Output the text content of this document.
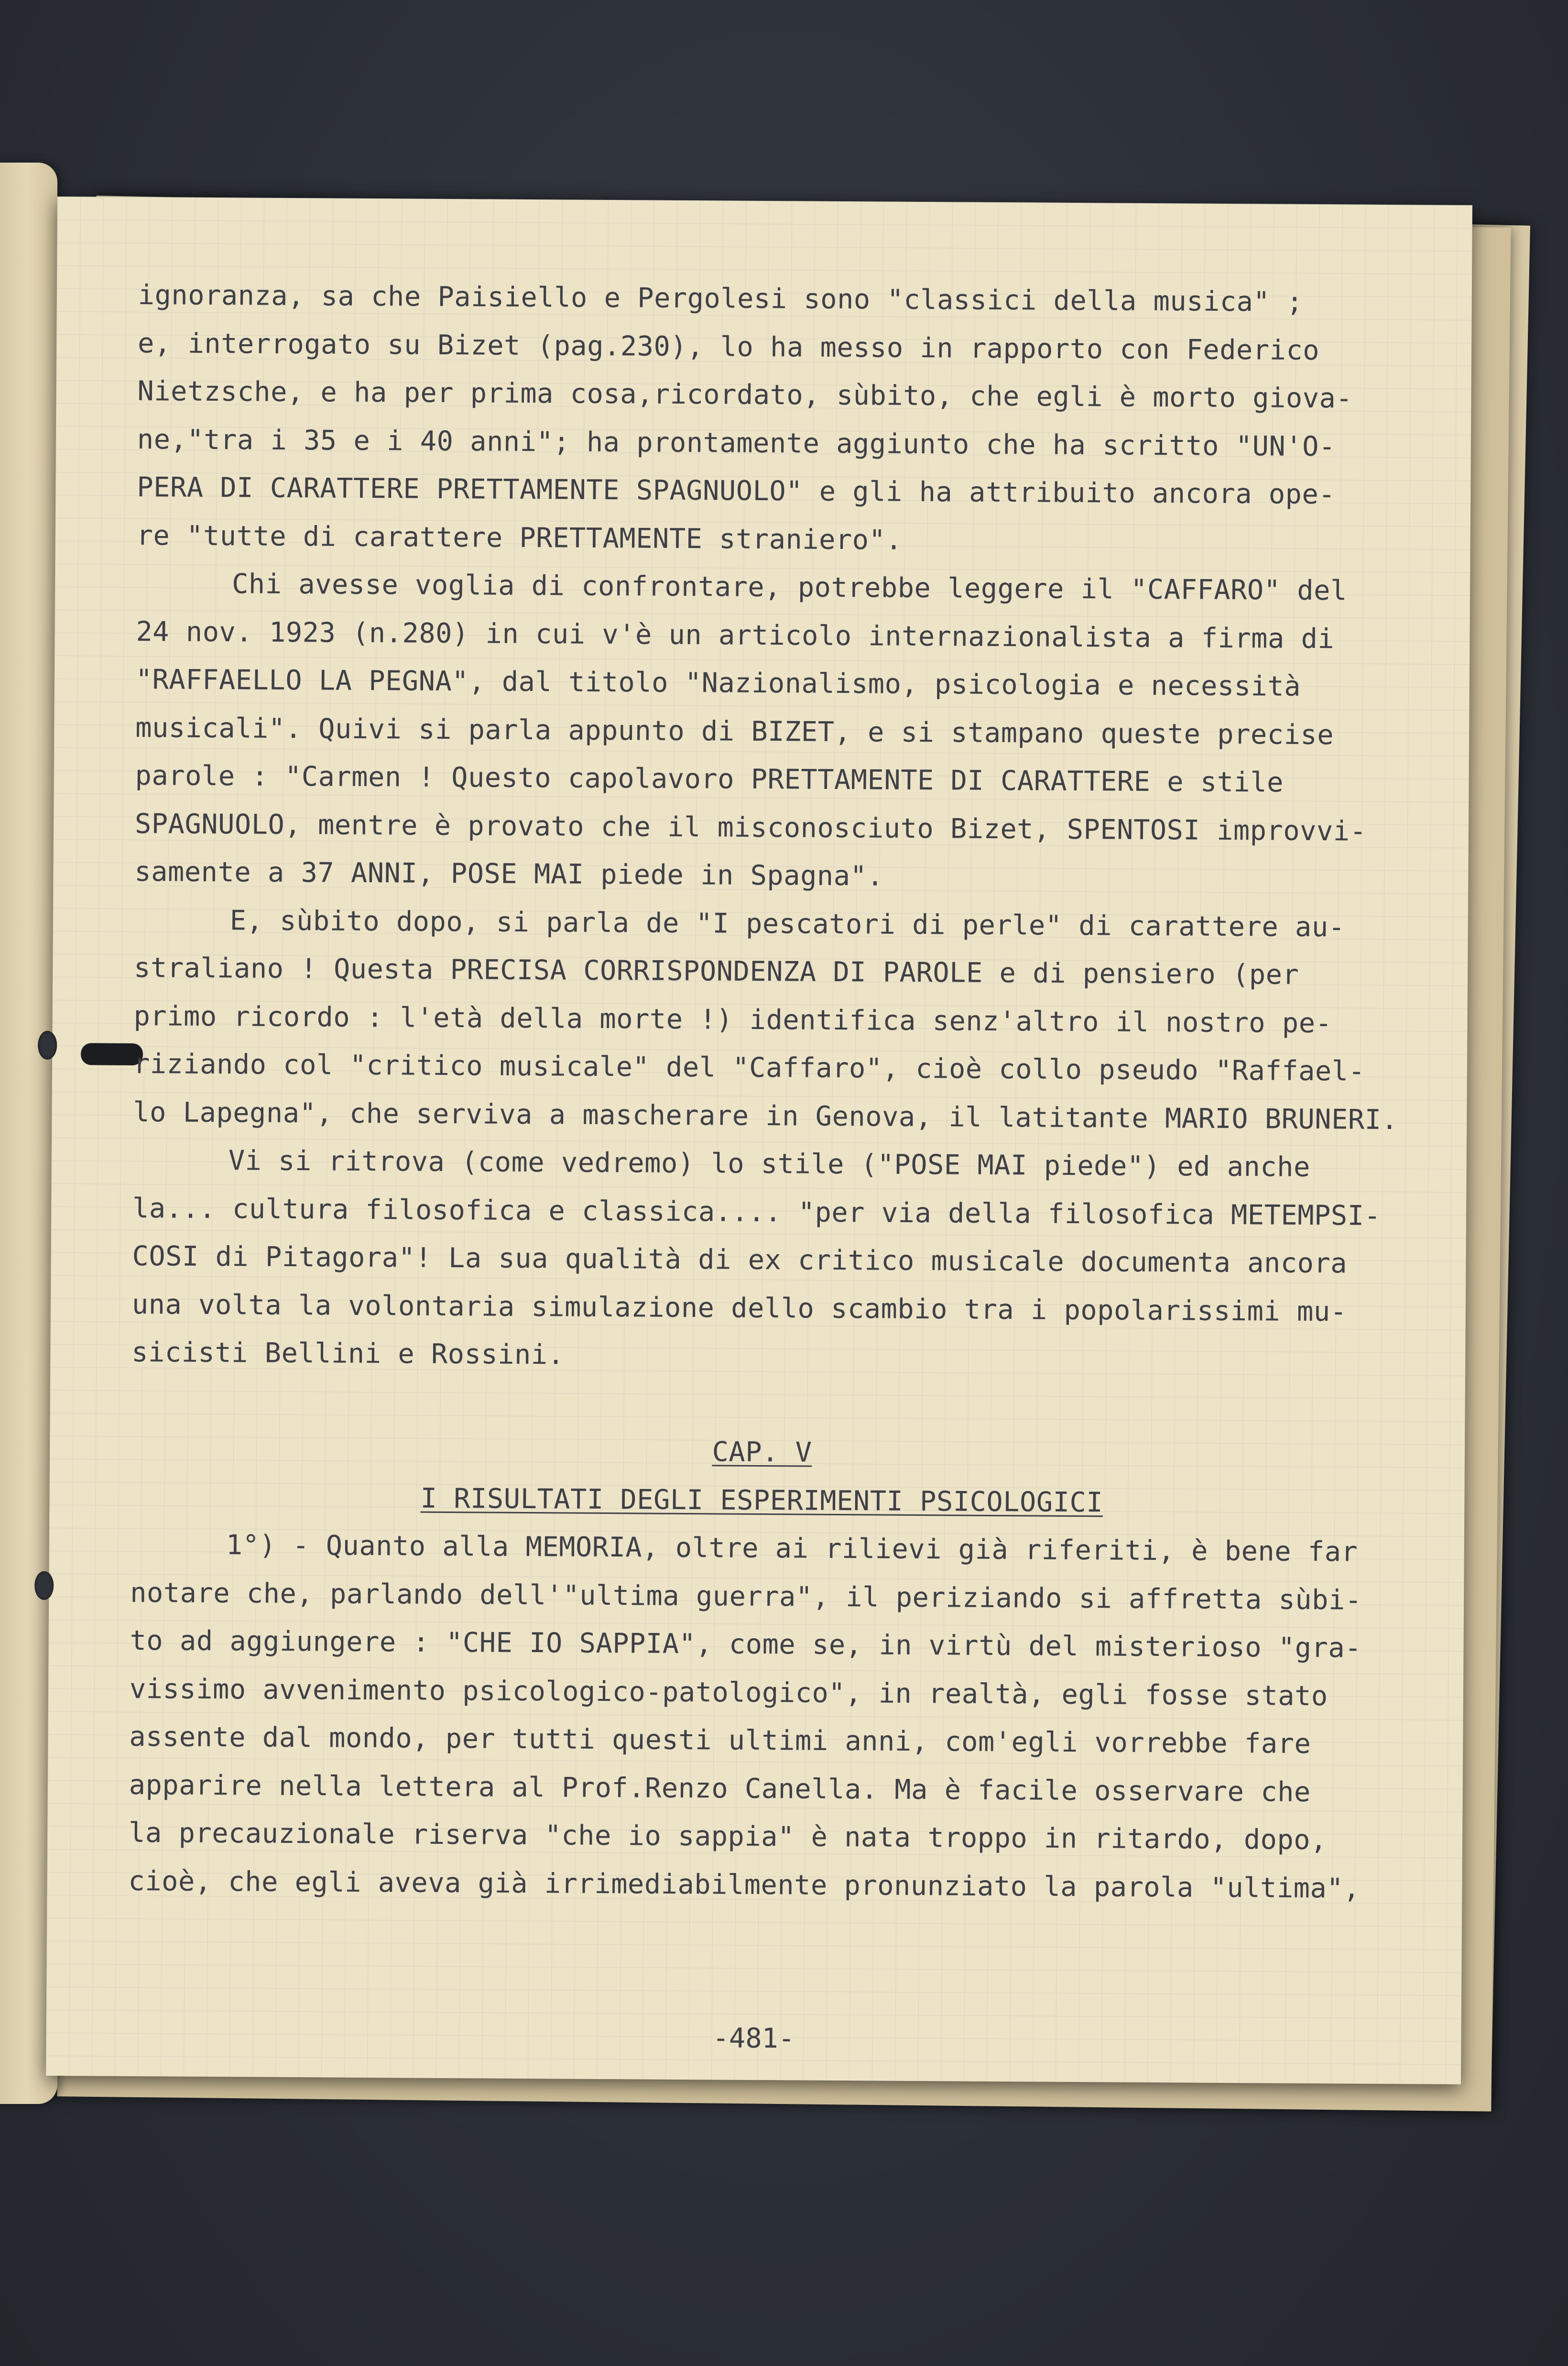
ignoranza, sa che Paisiello e Pergolesi sono "classici della musica" ;
e, interrogato su Bizet (pag.230), lo ha messo in rapporto con Federico
Nietzsche, e ha per prima cosa,ricordato, sùbito, che egli è morto giova-
ne,"tra i 35 e i 40 anni"; ha prontamente aggiunto che ha scritto "UN'O-
PERA DI CARATTERE PRETTAMENTE SPAGNUOLO" e gli ha attribuito ancora ope-
re "tutte di carattere PRETTAMENTE straniero".
Chi avesse voglia di confrontare, potrebbe leggere il "CAFFARO" del
24 nov. 1923 (n.280) in cui v'è un articolo internazionalista a firma di
"RAFFAELLO LA PEGNA", dal titolo "Nazionalismo, psicologia e necessità
musicali". Quivi si parla appunto di BIZET, e si stampano queste precise
parole : "Carmen ! Questo capolavoro PRETTAMENTE DI CARATTERE e stile
SPAGNUOLO, mentre è provato che il misconosciuto Bizet, SPENTOSI improvvi-
samente a 37 ANNI, POSE MAI piede in Spagna".
E, sùbito dopo, si parla de "I pescatori di perle" di carattere au-
straliano ! Questa PRECISA CORRISPONDENZA DI PAROLE e di pensiero (per
primo ricordo : l'età della morte !) identifica senz'altro il nostro pe-
riziando col "critico musicale" del "Caffaro", cioè collo pseudo "Raffael-
lo Lapegna", che serviva a mascherare in Genova, il latitante MARIO BRUNERI.
Vi si ritrova (come vedremo) lo stile ("POSE MAI piede") ed anche
la... cultura filosofica e classica.... "per via della filosofica METEMPSI-
COSI di Pitagora"! La sua qualità di ex critico musicale documenta ancora
una volta la volontaria simulazione dello scambio tra i popolarissimi mu-
sicisti Bellini e Rossini.
CAP. V
I RISULTATI DEGLI ESPERIMENTI PSICOLOGICI
1°) - Quanto alla MEMORIA, oltre ai rilievi già riferiti, è bene far
notare che, parlando dell'"ultima guerra", il periziando si affretta sùbi-
to ad aggiungere : "CHE IO SAPPIA", come se, in virtù del misterioso "gra-
vissimo avvenimento psicologico-patologico", in realtà, egli fosse stato
assente dal mondo, per tutti questi ultimi anni, com'egli vorrebbe fare
apparire nella lettera al Prof.Renzo Canella. Ma è facile osservare che
la precauzionale riserva "che io sappia" è nata troppo in ritardo, dopo,
cioè, che egli aveva già irrimediabilmente pronunziato la parola "ultima",
-481-
